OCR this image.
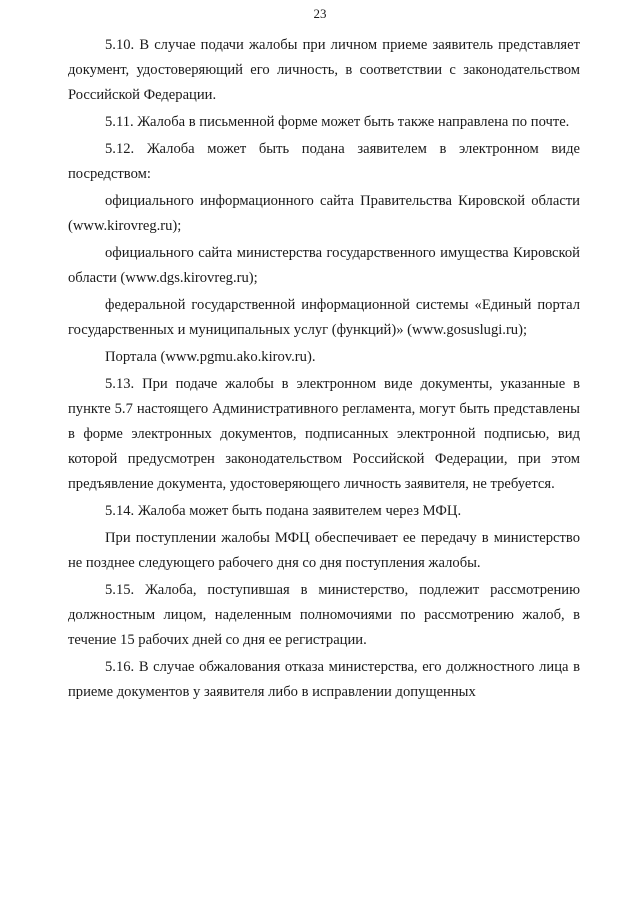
23

5.10. В случае подачи жалобы при личном приеме заявитель представляет документ, удостоверяющий его личность, в соответствии с законодательством Российской Федерации.

5.11. Жалоба в письменной форме может быть также направлена по почте.

5.12. Жалоба может быть подана заявителем в электронном виде посредством:

официального информационного сайта Правительства Кировской области (www.kirovreg.ru);

официального сайта министерства государственного имущества Кировской области (www.dgs.kirovreg.ru);

федеральной государственной информационной системы «Единый портал государственных и муниципальных услуг (функций)» (www.gosuslugi.ru);

Портала (www.pgmu.ako.kirov.ru).

5.13. При подаче жалобы в электронном виде документы, указанные в пункте 5.7 настоящего Административного регламента, могут быть представлены в форме электронных документов, подписанных электронной подписью, вид которой предусмотрен законодательством Российской Федерации, при этом предъявление документа, удостоверяющего личность заявителя, не требуется.

5.14. Жалоба может быть подана заявителем через МФЦ.

При поступлении жалобы МФЦ обеспечивает ее передачу в министерство не позднее следующего рабочего дня со дня поступления жалобы.

5.15. Жалоба, поступившая в министерство, подлежит рассмотрению должностным лицом, наделенным полномочиями по рассмотрению жалоб, в течение 15 рабочих дней со дня ее регистрации.

5.16. В случае обжалования отказа министерства, его должностного лица в приеме документов у заявителя либо в исправлении допущенных
